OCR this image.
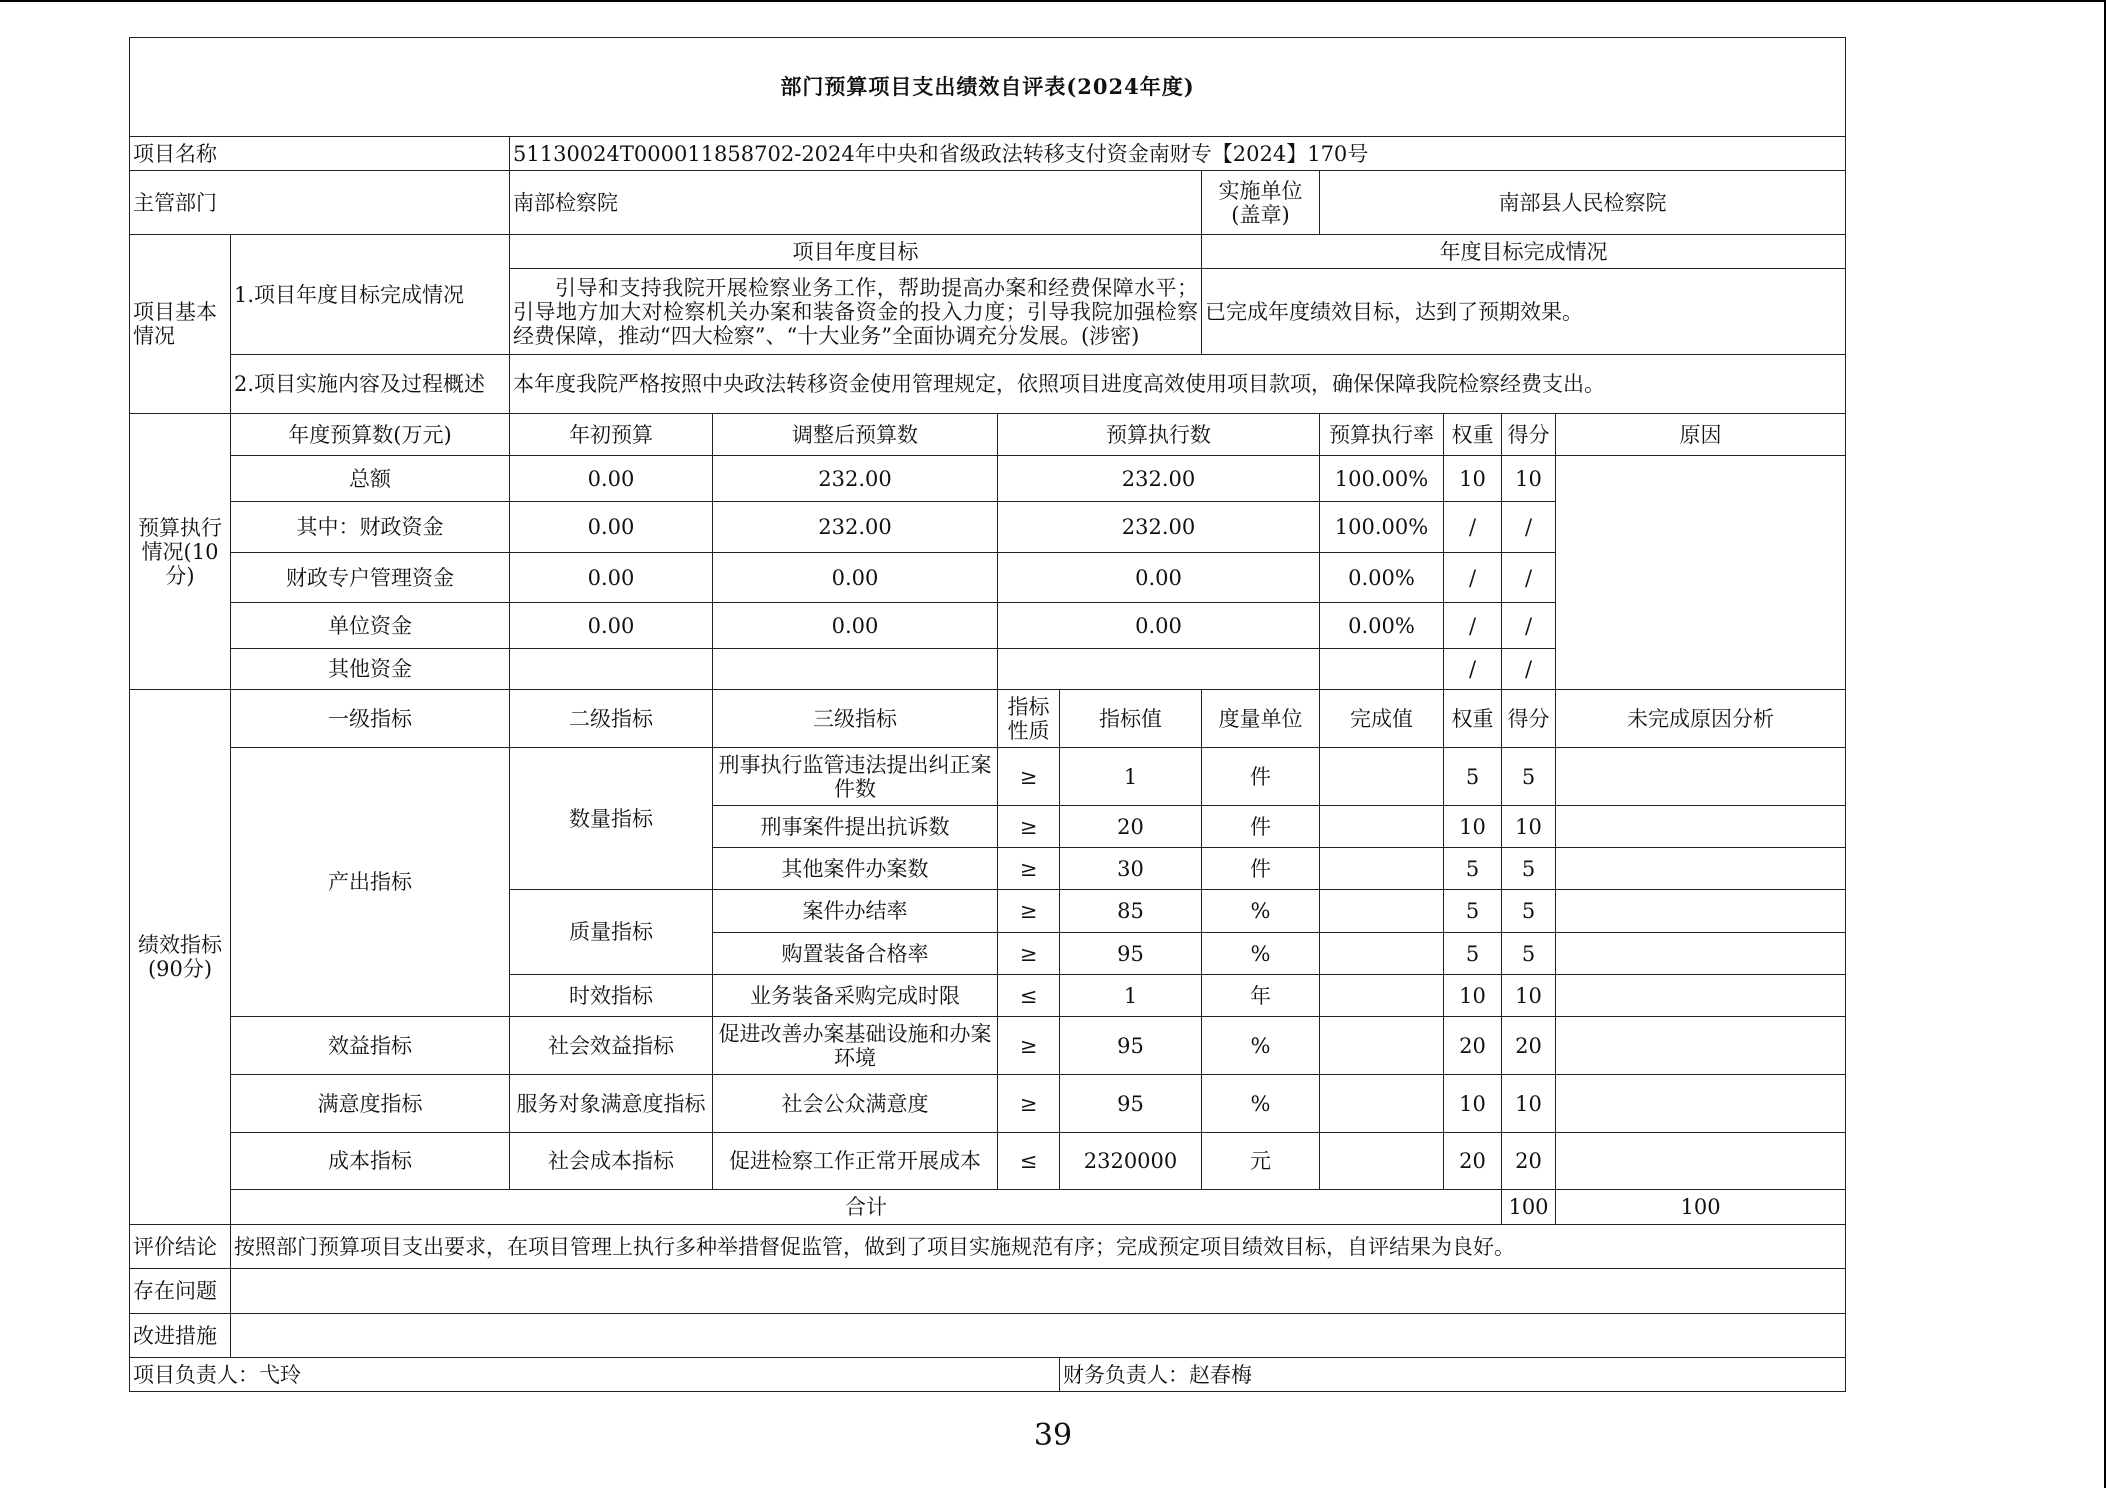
部门预算项目支出绩效自评表(2024年度)											
项目名称		51130024T000011858702-2024年中央和省级政法转移支付资金南财专【2024】170号									
主管部门		南部检察院				实施单位(盖章)	南部县人民检察院				
项目基本情况	1.项目年度目标完成情况	项目年度目标				年度目标完成情况					
		引导和支持我院开展检察业务工作，帮助提高办案和经费保障水平；引导地方加大对检察机关办案和装备资金的投入力度；引导我院加强检察经费保障，推动“四大检察”、“十大业务”全面协调充分发展。(涉密)				已完成年度绩效目标，达到了预期效果。					
	2.项目实施内容及过程概述	本年度我院严格按照中央政法转移资金使用管理规定，依照项目进度高效使用项目款项，确保保障我院检察经费支出。									
预算执行情况(10分)	年度预算数(万元)	年初预算	调整后预算数	预算执行数			预算执行率	权重	得分	原因	
	总额	0.00	232.00	232.00			100.00%	10	10		
	其中：财政资金	0.00	232.00	232.00			100.00%	/	/		
	财政专户管理资金	0.00	0.00	0.00			0.00%	/	/		
	单位资金	0.00	0.00	0.00			0.00%	/	/		
	其他资金							/	/		
绩效指标(90分)	一级指标	二级指标	三级指标	指标性质	指标值	度量单位	完成值	权重	得分	未完成原因分析	
	产出指标	数量指标	刑事执行监管违法提出纠正案件数	≥	1	件		5	5		
			刑事案件提出抗诉数	≥	20	件		10	10		
			其他案件办案数	≥	30	件		5	5		
		质量指标	案件办结率	≥	85	%		5	5		
			购置装备合格率	≥	95	%		5	5		
		时效指标	业务装备采购完成时限	≤	1	年		10	10		
	效益指标	社会效益指标	促进改善办案基础设施和办案环境	≥	95	%		20	20		
	满意度指标	服务对象满意度指标	社会公众满意度	≥	95	%		10	10		
	成本指标	社会成本指标	促进检察工作正常开展成本	≤	2320000	元		20	20		
	合计								100	100	
评价结论	按照部门预算项目支出要求，在项目管理上执行多种举措督促监管，做到了项目实施规范有序；完成预定项目绩效目标，自评结果为良好。										
存在问题											
改进措施											
项目负责人：弋玲					财务负责人：赵春梅						
39
